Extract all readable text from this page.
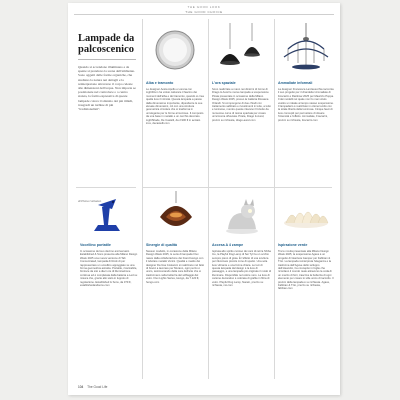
THE GOOD LOOK
THE GOOD CHOICE
Lampade da palcoscenico

Quando si accendono illuminano e da spente si prendono la scena dell'ambiente. Sono oggetti dalle forme organiche, che studiano la natura nei dettagli e la reinterpretano attraverso il corpo celeste alle dimensioni dell'acqua. Non importa se posizionate nel controluce o a centro stanza, la forma espressiva di queste lampade colora il silenzio dei più timidi, trasgredi un turbine di più "tradizionalisti".

di Elena Cattaneo

Alba e tramonto

Le designer Aosta Apollo e Lorena con LightDrum ha voluto catturare il fascino dei momenti dell'alba e del tramonto, quando si crea quella luce il intimità. Questa lampada a parete dalla dimensione importante, dipendente le sue elevate dimensioni, ciò con una struttura geometrica circolare che si trasforma in un'elegante per le forme armoniose. Il composto da una base in metallo e un cerchio decorato. LightShade, De Castelli, da 2.900 € in acciaio inox, decastelli.com

L'ora spaziale

Sono realizzate a mano nei dintorni di Como di Drago & Aurel le nuove lampade a sospensione Pirata presentate in occasione della Milano Design Week 2025, presso la Galleria Rossana Orlandi. Si compongono di due chiodi con trattamento sabbiato e rivestimenti in tutte, a tutto e luminose, mentre queste rilevano il fortetto da numerose curve di resina spaziata per creare un'armonia offuscata. Pirata, Drago & Aurel, prezzo su richiesta, drago-aurel.com

Ammaliate informali

La designer Francesca Lanzavecchia racconta il suo progetto per il chandelier Ammaliate di Foscarini e Rainbow 2025 per Maurizio Poppa. Il dei modelli nel quale non ho mai voluto vestire un ideale al tempo stesso sospensione. Il lampadario è realizzato in ottone lucido con la totale libertà della luminosa. Cinque fasci di luce concepiti per permettere di dosare l'intensità e l'effetto. Ammaliate, Foscarini, prezzo su richiesta, foscarini.com

Vocellino portatile

In occasione del suo decimo anniversario Established & Sons presenta alla Milano Design Week 2025 una nuova versione di Tab Concentrated, lampada di Rock di per rappresentare un uccellino appoggiato su una forma geometrica astratta. Portatile, ricaricabile, fornisce da sito a dieci ore di illuminazione continua ed è completata dalla batteria a Led su misura che, grazie allo stelo in luppolo di regolazione. Established & Sons, da 379 €, establishedandsons.com

Sinergie di qualità

Nessun modello, in occasione della Milano Design Week 2025, le serie di lampade Flux nasce dalla collaborazione dei brand Hengo con il tubolare metallo Venini. Qualità e madre dei designer Da Usa Costanzo si realizzano nel fatto di bracci a lavorare per Murano, ogni pezzo è unico, testimoniando della cura dell'arte che si trasformano nella bellezza del soffiaggio del vetro. Flux Lights Series, Hengo, da 7.120 €, hengo.com

Accesa A 4 zampe

Ispirata allo spirito curioso dei cani di razza Shiba Inu, la Playful Dog Lamp di Sei Tyi ha un occhio sempre pieno di gioia. È l'effetto di una scultura per illuminare piccole zone di spazio. Una sola luce vibrante e una forma chiara. Le luci di questa lampada dal design è la luce di passaggio, e una lampada più originale il modo di illuminare. Disponibile nel colore nero. La luce di cartone decorativo è colorata di grafite in fibra di vetro. Playful Dog Lamp, Narain, prezzo su richiesta, nsi.com

Ispirazione verde

Tra le novità presentate alla Milano Design Week 2025, la sospensione Agave è un progetto di Gianluca Gamper per Fabbian & Tzio. La lampada reinterpreta l'eleganza e la trasforma dell'Agave dello sviluppo dell'oleandro, ha concepito in foglie che ricordano il mondo reale attraverso la coda di un mazzo di fiori, trascrive la bellezza di ogni elemento per creare lo stile unico di raccolto. Il prezzo della lampada è su richiesta. Agave, Fabbian & Tzio, prezzo su richiesta, fabbian.com

104 The Good Life
